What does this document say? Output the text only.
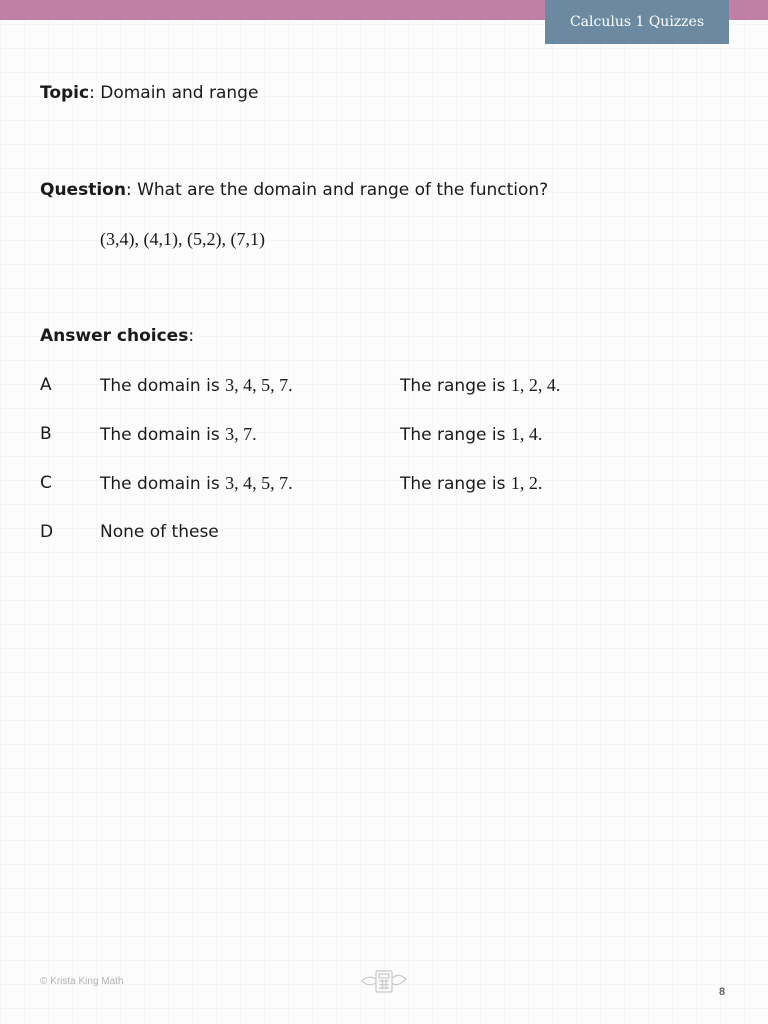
Calculus 1 Quizzes
Topic: Domain and range
Question: What are the domain and range of the function?
(3,4), (4,1), (5,2), (7,1)
Answer choices:
A	The domain is 3, 4, 5, 7.	The range is 1, 2, 4.
B	The domain is 3, 7.	The range is 1, 4.
C	The domain is 3, 4, 5, 7.	The range is 1, 2.
D	None of these
© Krista King Math
8
